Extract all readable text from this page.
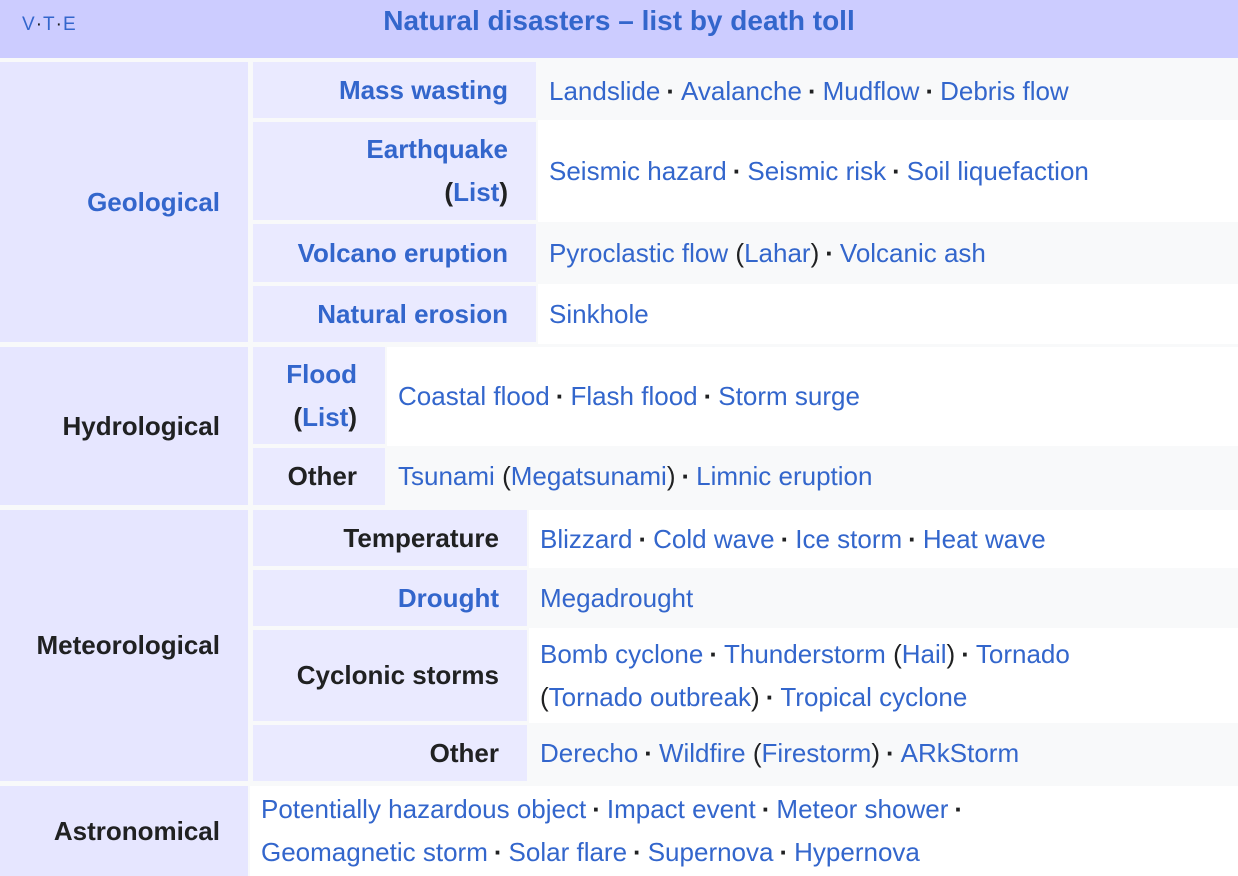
Natural disasters – list by death toll
V·T·E
Geological
Mass wasting Landslide · Avalanche · Mudflow · Debris flow
Earthquake
(List)
Seismic hazard · Seismic risk · Soil liquefaction
Volcano eruption Pyroclastic flow (Lahar) · Volcanic ash
Natural erosion Sinkhole
Hydrological
Flood
(List)
Coastal flood · Flash flood · Storm surge
Other Tsunami (Megatsunami) · Limnic eruption
Meteorological
Temperature Blizzard · Cold wave · Ice storm · Heat wave
Drought Megadrought
Cyclonic storms
Bomb cyclone · Thunderstorm (Hail) · Tornado
(Tornado outbreak) · Tropical cyclone
Other Derecho · Wildfire (Firestorm) · ARkStorm
Astronomical
Potentially hazardous object · Impact event · Meteor shower ·
Geomagnetic storm · Solar flare · Supernova · Hypernova
